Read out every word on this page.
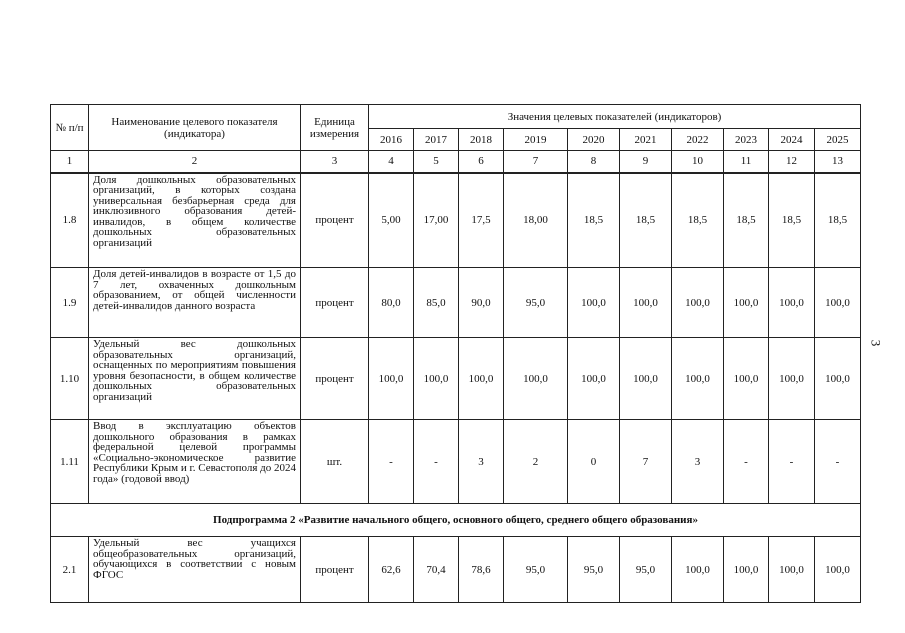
№ п/п	Наименование целевого показателя (индикатора)	Единица измерения	Значения целевых показателей (индикаторов)									
			2016	2017	2018	2019	2020	2021	2022	2023	2024	2025
1	2	3	4	5	6	7	8	9	10	11	12	13
1.8	Доля дошкольных образовательных организаций, в которых создана универсальная безбарьерная среда для инклюзивного образования детей-инвалидов, в общем количестве дошкольных образовательных организаций	процент	5,00	17,00	17,5	18,00	18,5	18,5	18,5	18,5	18,5	18,5
1.9	Доля детей-инвалидов в возрасте от 1,5 до 7 лет, охваченных дошкольным образованием, от общей численности детей-инвалидов данного возраста	процент	80,0	85,0	90,0	95,0	100,0	100,0	100,0	100,0	100,0	100,0
1.10	Удельный вес дошкольных образовательных организаций, оснащенных по мероприятиям повышения уровня безопасности, в общем количестве дошкольных образовательных организаций	процент	100,0	100,0	100,0	100,0	100,0	100,0	100,0	100,0	100,0	100,0
1.11	Ввод в эксплуатацию объектов дошкольного образования в рамках федеральной целевой программы «Социально-экономическое развитие Республики Крым и г. Севастополя до 2024 года» (годовой ввод)	шт.	-	-	3	2	0	7	3	-	-	-
Подпрограмма 2 «Развитие начального общего, основного общего, среднего общего образования»												
2.1	Удельный вес учащихся общеобразовательных организаций, обучающихся в соответствии с новым ФГОС	процент	62,6	70,4	78,6	95,0	95,0	95,0	100,0	100,0	100,0	100,0
3
